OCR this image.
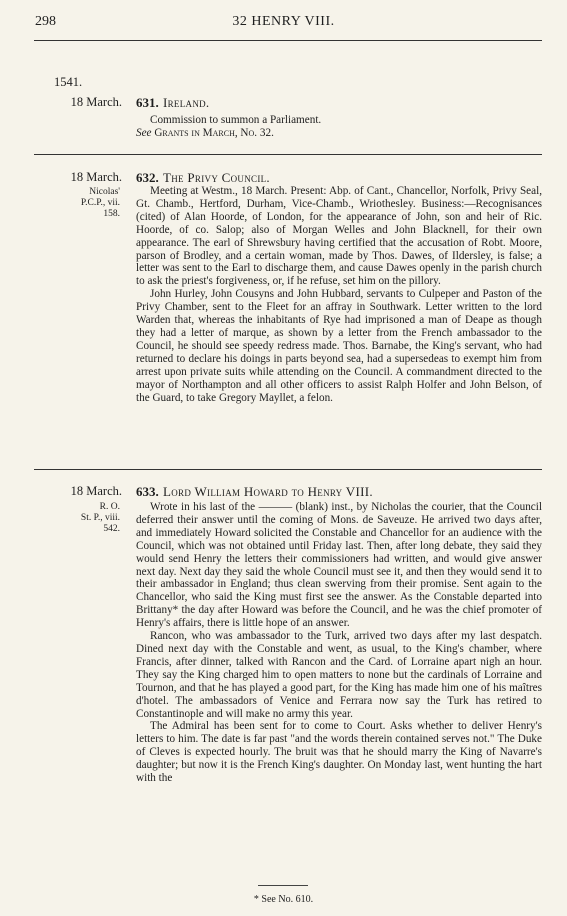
298	32 HENRY VIII.
1541.
18 March. 631. Ireland.
Commission to summon a Parliament.
See Grants in March, No. 32.
18 March. 632. The Privy Council.
Nicolas'
P.C.P., vii.
158.

Meeting at Westm., 18 March. Present: Abp. of Cant., Chancellor, Norfolk, Privy Seal, Gt. Chamb., Hertford, Durham, Vice-Chamb., Wriothesley. Business:—Recognisances (cited) of Alan Hoorde, of London, for the appearance of John, son and heir of Ric. Hoorde, of co. Salop; also of Morgan Welles and John Blacknell, for their own appearance. The earl of Shrewsbury having certified that the accusation of Robt. Moore, parson of Brodley, and a certain woman, made by Thos. Dawes, of Ildersley, is false; a letter was sent to the Earl to discharge them, and cause Dawes openly in the parish church to ask the priest's forgiveness, or, if he refuse, set him on the pillory.

John Hurley, John Cousyns and John Hubbard, servants to Culpeper and Paston of the Privy Chamber, sent to the Fleet for an affray in Southwark. Letter written to the lord Warden that, whereas the inhabitants of Rye had imprisoned a man of Deape as though they had a letter of marque, as shown by a letter from the French ambassador to the Council, he should see speedy redress made. Thos. Barnabe, the King's servant, who had returned to declare his doings in parts beyond sea, had a supersedeas to exempt him from arrest upon private suits while attending on the Council. A commandment directed to the mayor of Northampton and all other officers to assist Ralph Holfer and John Belson, of the Guard, to take Gregory Mayllet, a felon.

18 March. 633. Lord William Howard to Henry VIII.
R. O.
St. P., viii.
542.

Wrote in his last of the ——— (blank) inst., by Nicholas the courier, that the Council deferred their answer until the coming of Mons. de Saveuze. He arrived two days after, and immediately Howard solicited the Constable and Chancellor for an audience with the Council, which was not obtained until Friday last. Then, after long debate, they said they would send Henry the letters their commissioners had written, and would give answer next day. Next day they said the whole Council must see it, and then they would send it to their ambassador in England; thus clean swerving from their promise. Sent again to the Chancellor, who said the King must first see the answer. As the Constable departed into Brittany* the day after Howard was before the Council, and he was the chief promoter of Henry's affairs, there is little hope of an answer.

Rancon, who was ambassador to the Turk, arrived two days after my last despatch. Dined next day with the Constable and went, as usual, to the King's chamber, where Francis, after dinner, talked with Rancon and the Card. of Lorraine apart nigh an hour. They say the King charged him to open matters to none but the cardinals of Lorraine and Tournon, and that he has played a good part, for the King has made him one of his maîtres d'hotel. The ambassadors of Venice and Ferrara now say the Turk has retired to Constantinople and will make no army this year.

The Admiral has been sent for to come to Court. Asks whether to deliver Henry's letters to him. The date is far past "and the words therein contained serves not." The Duke of Cleves is expected hourly. The bruit was that he should marry the King of Navarre's daughter; but now it is the French King's daughter. On Monday last, went hunting the hart with the

* See No. 610.
